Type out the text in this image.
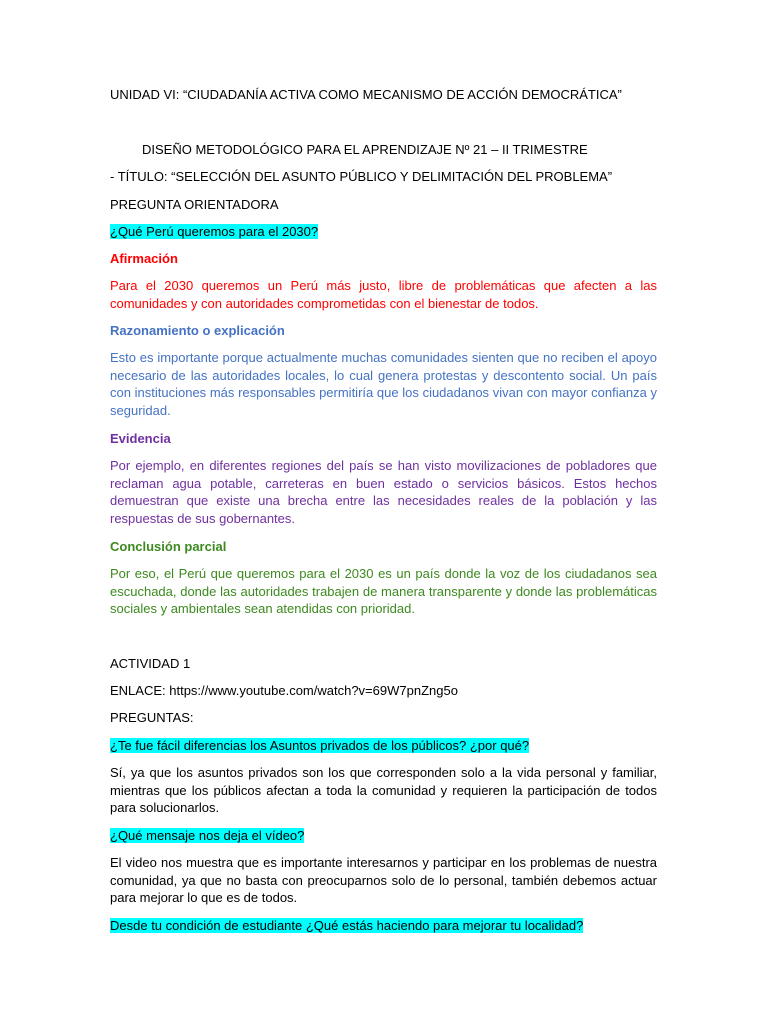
UNIDAD VI: “CIUDADANÍA ACTIVA COMO MECANISMO DE ACCIÓN DEMOCRÁTICA”

DISEÑO METODOLÓGICO PARA EL APRENDIZAJE Nº 21 – II TRIMESTRE

- TÍTULO: “SELECCIÓN DEL ASUNTO PÚBLICO Y DELIMITACIÓN DEL PROBLEMA”

PREGUNTA ORIENTADORA

¿Qué Perú queremos para el 2030?

Afirmación

Para el 2030 queremos un Perú más justo, libre de problemáticas que afecten a las comunidades y con autoridades comprometidas con el bienestar de todos.

Razonamiento o explicación

Esto es importante porque actualmente muchas comunidades sienten que no reciben el apoyo necesario de las autoridades locales, lo cual genera protestas y descontento social. Un país con instituciones más responsables permitiría que los ciudadanos vivan con mayor confianza y seguridad.

Evidencia

Por ejemplo, en diferentes regiones del país se han visto movilizaciones de pobladores que reclaman agua potable, carreteras en buen estado o servicios básicos. Estos hechos demuestran que existe una brecha entre las necesidades reales de la población y las respuestas de sus gobernantes.

Conclusión parcial

Por eso, el Perú que queremos para el 2030 es un país donde la voz de los ciudadanos sea escuchada, donde las autoridades trabajen de manera transparente y donde las problemáticas sociales y ambientales sean atendidas con prioridad.

ACTIVIDAD 1

ENLACE: https://www.youtube.com/watch?v=69W7pnZng5o

PREGUNTAS:

¿Te fue fácil diferencias los Asuntos privados de los públicos? ¿por qué?

Sí, ya que los asuntos privados son los que corresponden solo a la vida personal y familiar, mientras que los públicos afectan a toda la comunidad y requieren la participación de todos para solucionarlos.

¿Qué mensaje nos deja el vídeo?

El video nos muestra que es importante interesarnos y participar en los problemas de nuestra comunidad, ya que no basta con preocuparnos solo de lo personal, también debemos actuar para mejorar lo que es de todos.

Desde tu condición de estudiante ¿Qué estás haciendo para mejorar tu localidad?
